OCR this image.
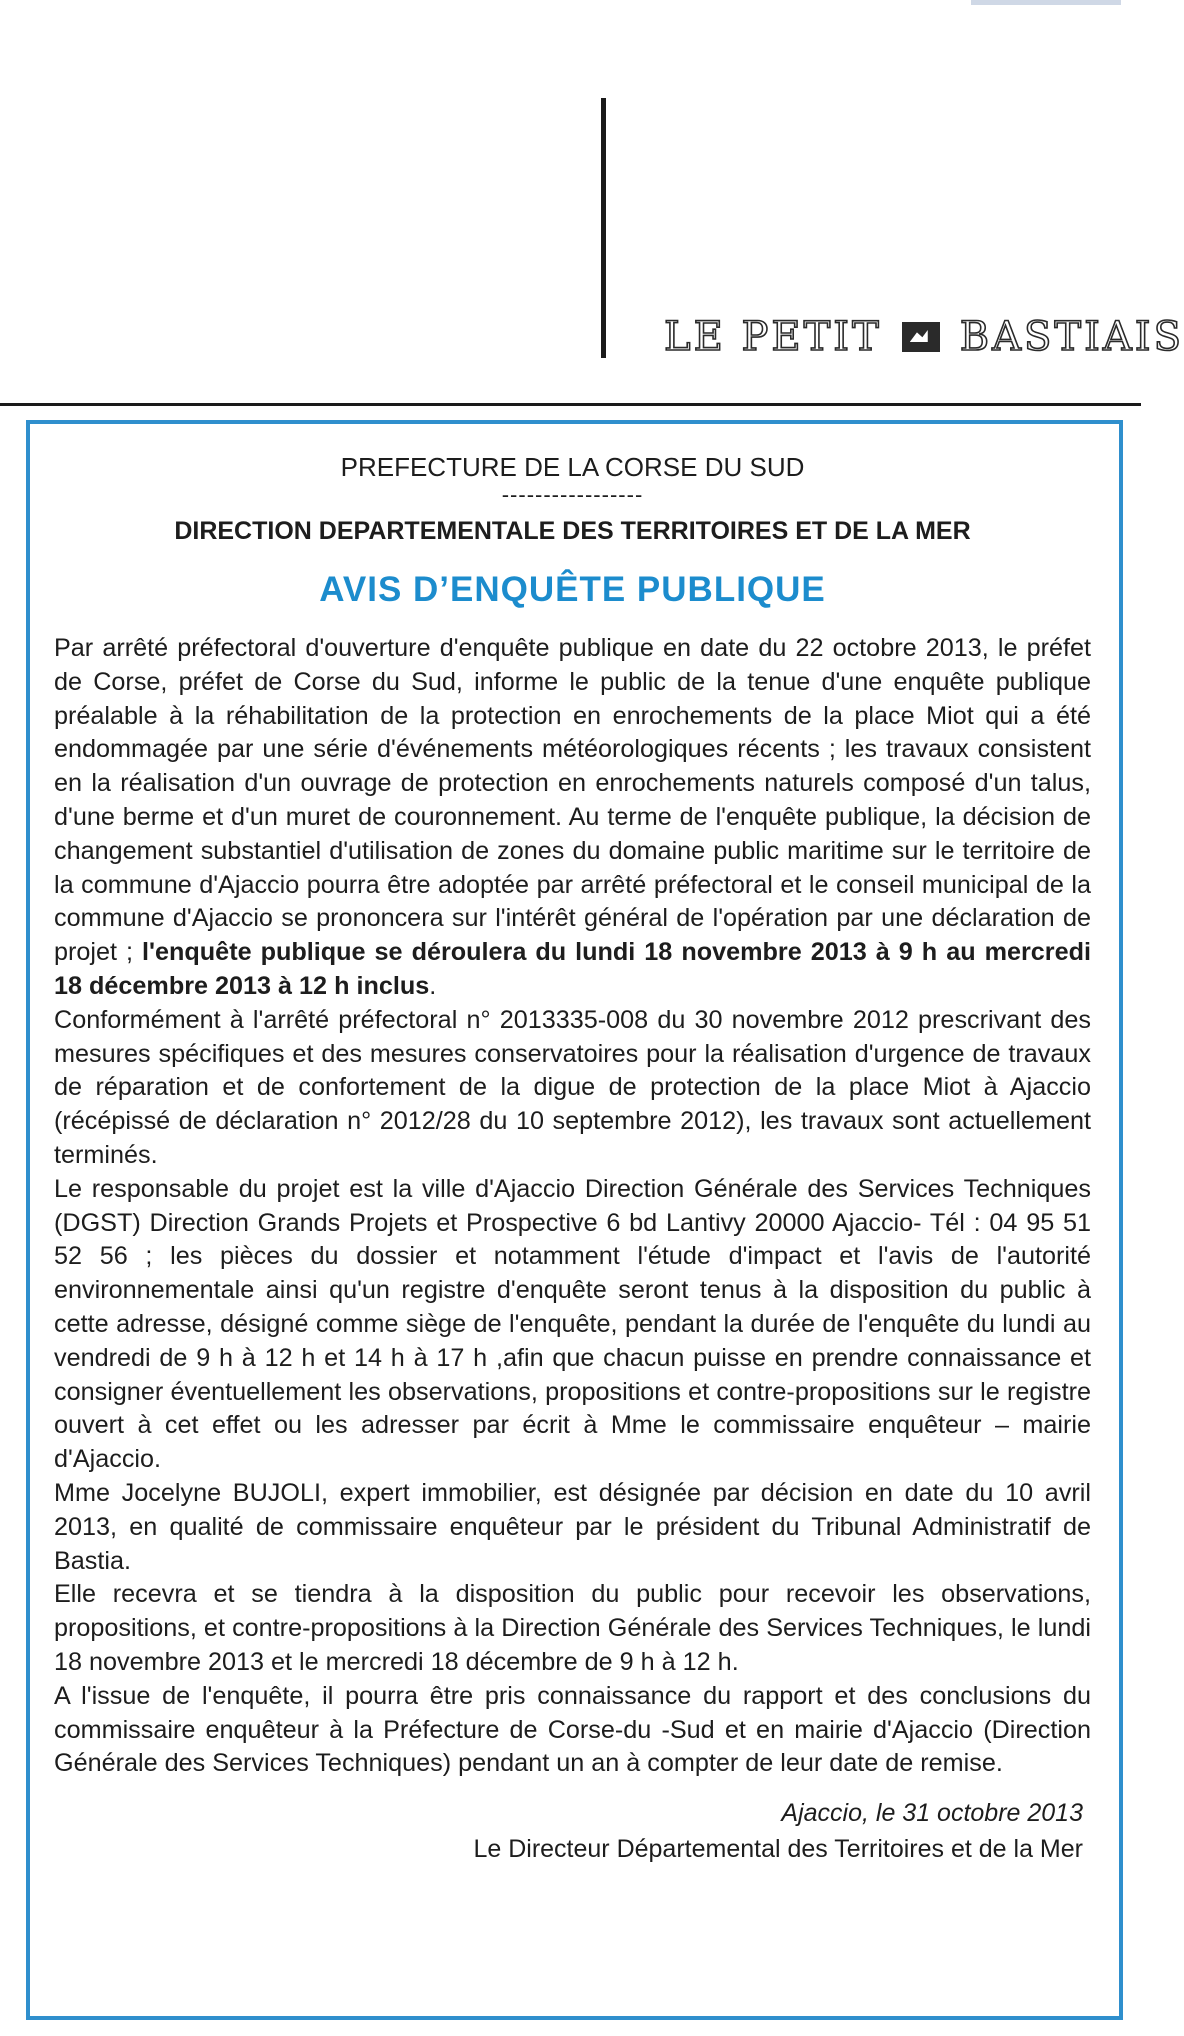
LE PETIT BASTIAIS
PREFECTURE DE LA CORSE DU SUD
-----------------
DIRECTION DEPARTEMENTALE DES TERRITOIRES ET DE LA MER
AVIS D’ENQUÊTE PUBLIQUE

Par arrêté préfectoral d'ouverture d'enquête publique en date du 22 octobre 2013, le préfet de Corse, préfet de Corse du Sud, informe le public de la tenue d'une enquête publique préalable à la réhabilitation de la protection en enrochements de la place Miot qui a été endommagée par une série d'événements météorologiques récents ; les travaux consistent en la réalisation d'un ouvrage de protection en enrochements naturels composé d'un talus, d'une berme et d'un muret de couronnement. Au terme de l'enquête publique, la décision de changement substantiel d'utilisation de zones du domaine public maritime sur le territoire de la commune d'Ajaccio pourra être adoptée par arrêté préfectoral et le conseil municipal de la commune d'Ajaccio se prononcera sur l'intérêt général de l'opération par une déclaration de projet ; l'enquête publique se déroulera du lundi 18 novembre 2013 à 9 h au mercredi 18 décembre 2013 à 12 h inclus.

Conformément à l'arrêté préfectoral n° 2013335-008 du 30 novembre 2012 prescrivant des mesures spécifiques et des mesures conservatoires pour la réalisation d'urgence de travaux de réparation et de confortement de la digue de protection de la place Miot à Ajaccio (récépissé de déclaration n° 2012/28 du 10 septembre 2012), les travaux sont actuellement terminés.

Le responsable du projet est la ville d'Ajaccio Direction Générale des Services Techniques (DGST) Direction Grands Projets et Prospective 6 bd Lantivy 20000 Ajaccio- Tél : 04 95 51 52 56 ; les pièces du dossier et notamment l'étude d'impact et l'avis de l'autorité environnementale ainsi qu'un registre d'enquête seront tenus à la disposition du public à cette adresse, désigné comme siège de l'enquête, pendant la durée de l'enquête du lundi au vendredi de 9 h à 12 h et 14 h à 17 h ,afin que chacun puisse en prendre connaissance et consigner éventuellement les observations, propositions et contre-propositions sur le registre ouvert à cet effet ou les adresser par écrit à Mme le commissaire enquêteur – mairie d'Ajaccio.

Mme Jocelyne BUJOLI, expert immobilier, est désignée par décision en date du 10 avril 2013, en qualité de commissaire enquêteur par le président du Tribunal Administratif de Bastia.

Elle recevra et se tiendra à la disposition du public pour recevoir les observations, propositions, et contre-propositions à la Direction Générale des Services Techniques, le lundi 18 novembre 2013 et le mercredi 18 décembre de 9 h à 12 h.

A l'issue de l'enquête, il pourra être pris connaissance du rapport et des conclusions du commissaire enquêteur à la Préfecture de Corse-du -Sud et en mairie d'Ajaccio (Direction Générale des Services Techniques) pendant un an à compter de leur date de remise.

Ajaccio, le 31 octobre 2013
Le Directeur Départemental des Territoires et de la Mer
